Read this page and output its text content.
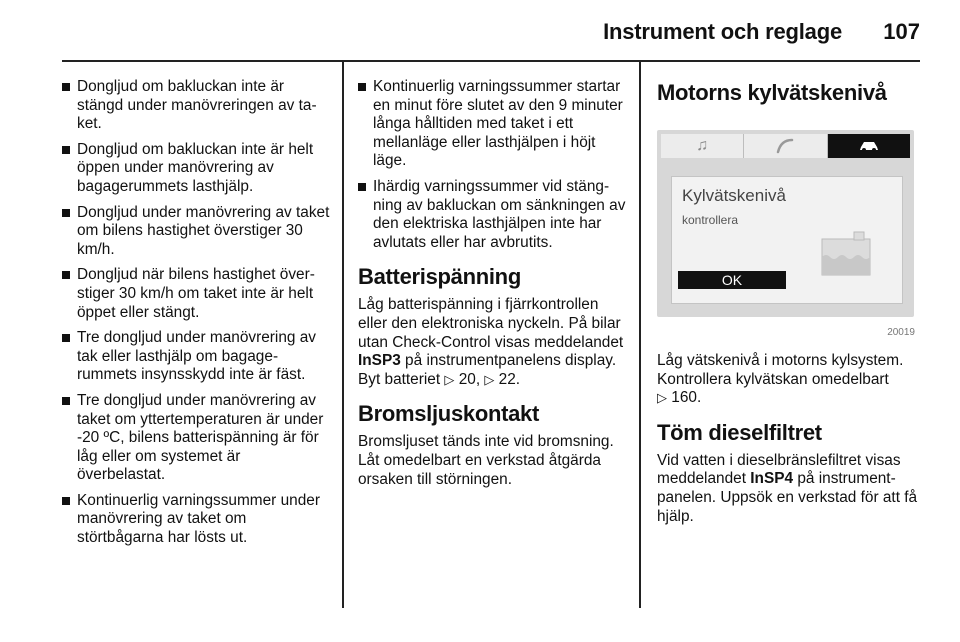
Instrument och reglage 107
Dongljud om bakluckan inte är stängd under manövreringen av taket.
Dongljud om bakluckan inte är helt öppen under manövrering av bagagerummets lasthjälp.
Dongljud under manövrering av taket om bilens hastighet överstiger 30 km/h.
Dongljud när bilens hastighet överstiger 30 km/h om taket inte är helt öppet eller stängt.
Tre dongljud under manövrering av tak eller lasthjälp om bagagerummets insynsskydd inte är fäst.
Tre dongljud under manövrering av taket om yttertemperaturen är under -20 ºC, bilens batterispänning är för låg eller om systemet är överbelastat.
Kontinuerlig varningssummer under manövrering av taket om störtbågarna har lösts ut.
Kontinuerlig varningssummer startar en minut före slutet av den 9 minuter långa hålltiden med taket i ett mellanläge eller lasthjälpen i höjt läge.
Ihärdig varningssummer vid stängning av bakluckan om sänkningen av den elektriska lasthjälpen inte har avlutats eller har avbrutits.
Batterispänning
Låg batterispänning i fjärrkontrollen eller den elektroniska nyckeln. På bilar utan Check-Control visas meddelandet InSP3 på instrumentpanelens display. Byt batteriet ▷ 20, ▷ 22.
Bromsljuskontakt
Bromsljuset tänds inte vid bromsning. Låt omedelbart en verkstad åtgärda orsaken till störningen.
Motorns kylvätskenivå
♫
Kylvätskenivå
kontrollera
OK
20019
Låg vätskenivå i motorns kylsystem. Kontrollera kylvätskan omedelbart
▷ 160.
Töm dieselfiltret
Vid vatten i dieselbränslefiltret visas meddelandet InSP4 på instrumentpanelen. Uppsök en verkstad för att få hjälp.
